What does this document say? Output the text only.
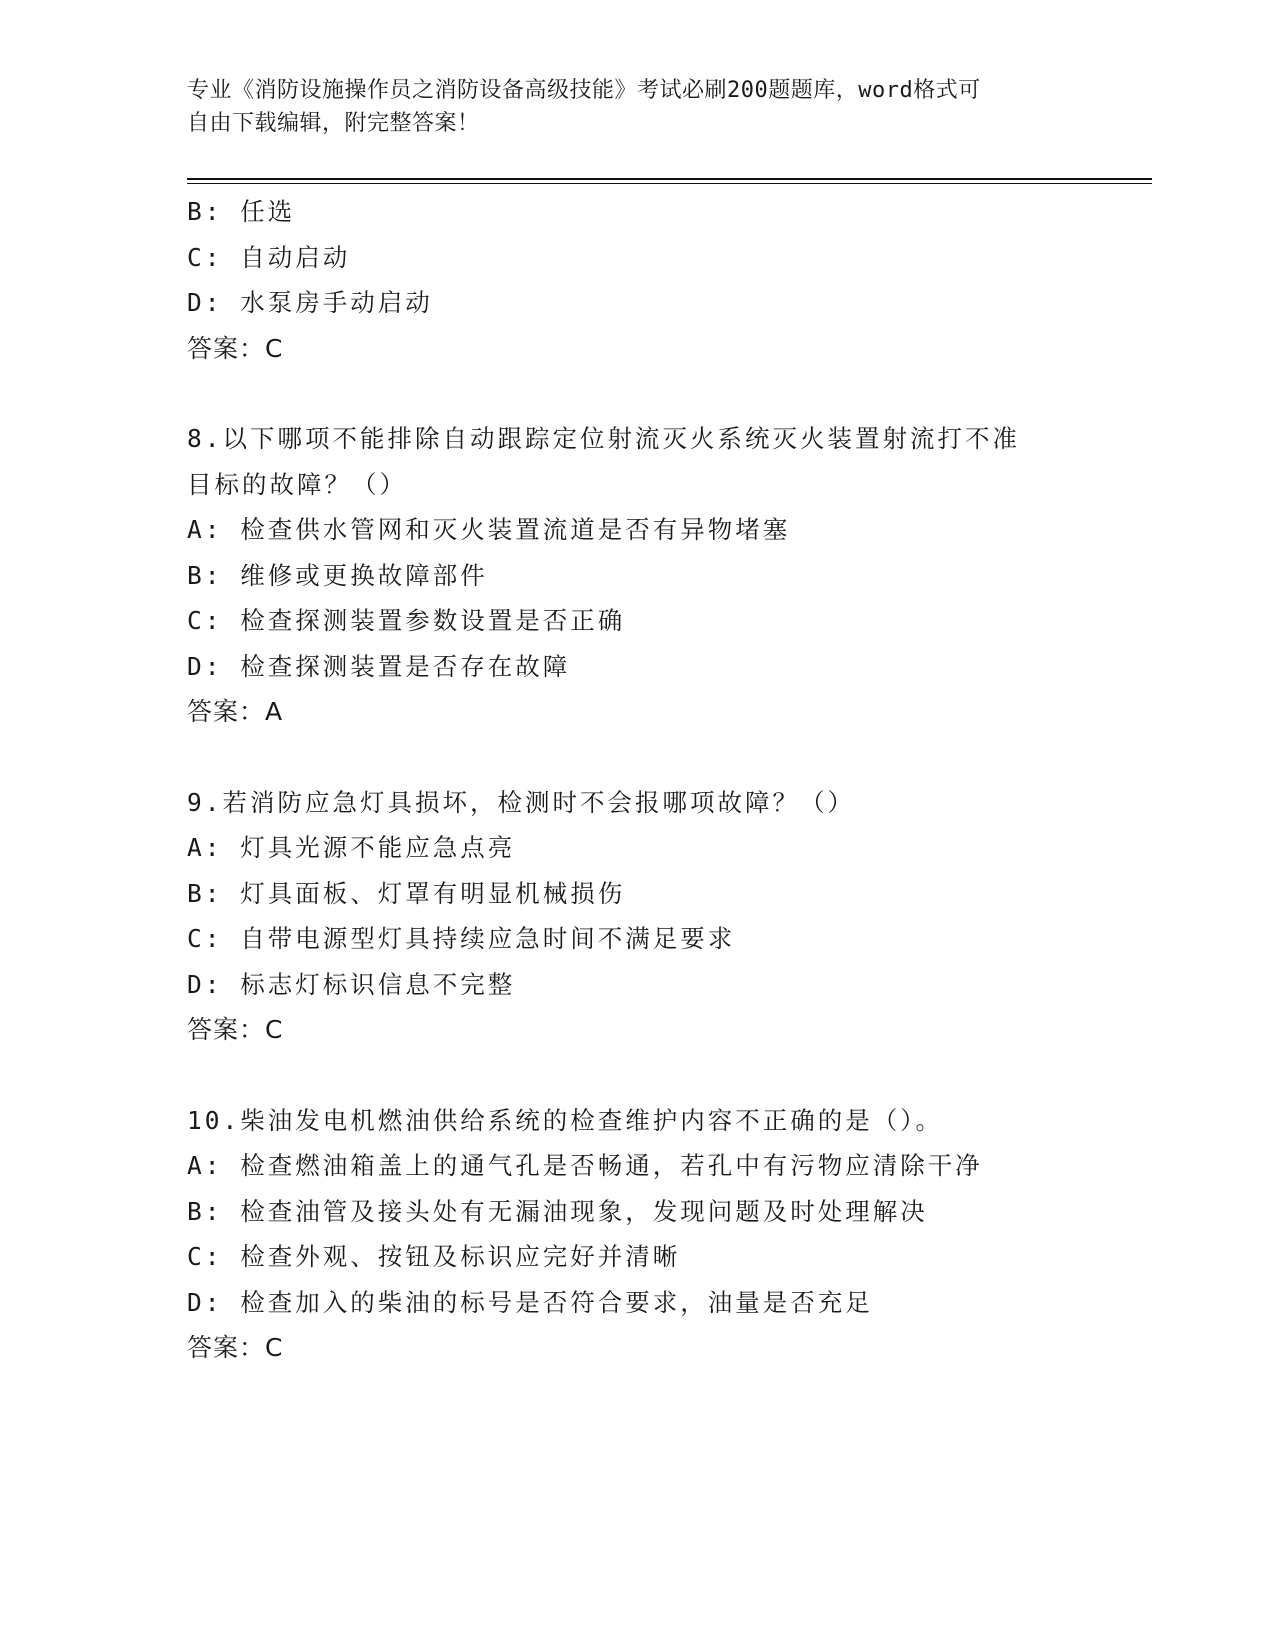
专业《消防设施操作员之消防设备高级技能》考试必刷200题题库，word格式可
自由下载编辑，附完整答案！
B: 任选
C: 自动启动
D: 水泵房手动启动
答案：C
8.以下哪项不能排除自动跟踪定位射流灭火系统灭火装置射流打不准
目标的故障？（）
A: 检查供水管网和灭火装置流道是否有异物堵塞
B: 维修或更换故障部件
C: 检查探测装置参数设置是否正确
D: 检查探测装置是否存在故障
答案：A
9.若消防应急灯具损坏，检测时不会报哪项故障？（）
A: 灯具光源不能应急点亮
B: 灯具面板、灯罩有明显机械损伤
C: 自带电源型灯具持续应急时间不满足要求
D: 标志灯标识信息不完整
答案：C
10.柴油发电机燃油供给系统的检查维护内容不正确的是（）。
A: 检查燃油箱盖上的通气孔是否畅通，若孔中有污物应清除干净
B: 检查油管及接头处有无漏油现象，发现问题及时处理解决
C: 检查外观、按钮及标识应完好并清晰
D: 检查加入的柴油的标号是否符合要求，油量是否充足
答案：C
